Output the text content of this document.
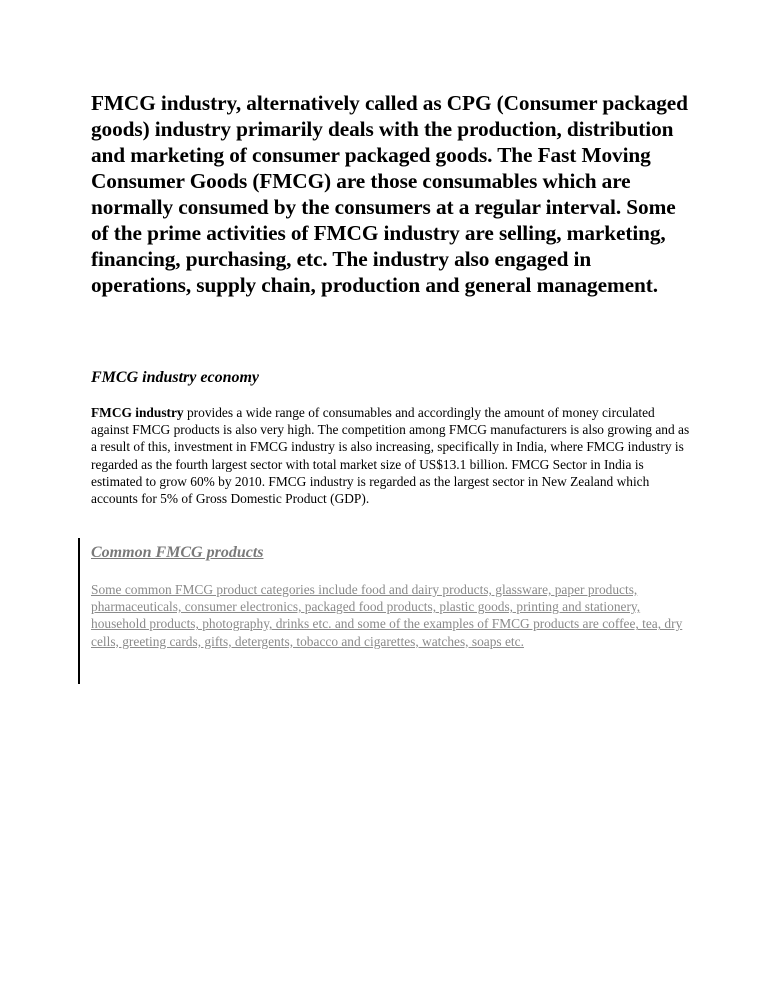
FMCG industry, alternatively called as CPG (Consumer packaged goods) industry primarily deals with the production, distribution and marketing of consumer packaged goods. The Fast Moving Consumer Goods (FMCG) are those consumables which are normally consumed by the consumers at a regular interval. Some of the prime activities of FMCG industry are selling, marketing, financing, purchasing, etc. The industry also engaged in operations, supply chain, production and general management.

FMCG industry economy

FMCG industry provides a wide range of consumables and accordingly the amount of money circulated against FMCG products is also very high. The competition among FMCG manufacturers is also growing and as a result of this, investment in FMCG industry is also increasing, specifically in India, where FMCG industry is regarded as the fourth largest sector with total market size of US$13.1 billion. FMCG Sector in India is estimated to grow 60% by 2010. FMCG industry is regarded as the largest sector in New Zealand which accounts for 5% of Gross Domestic Product (GDP).

Common FMCG products

Some common FMCG product categories include food and dairy products, glassware, paper products, pharmaceuticals, consumer electronics, packaged food products, plastic goods, printing and stationery, household products, photography, drinks etc. and some of the examples of FMCG products are coffee, tea, dry cells, greeting cards, gifts, detergents, tobacco and cigarettes, watches, soaps etc.
